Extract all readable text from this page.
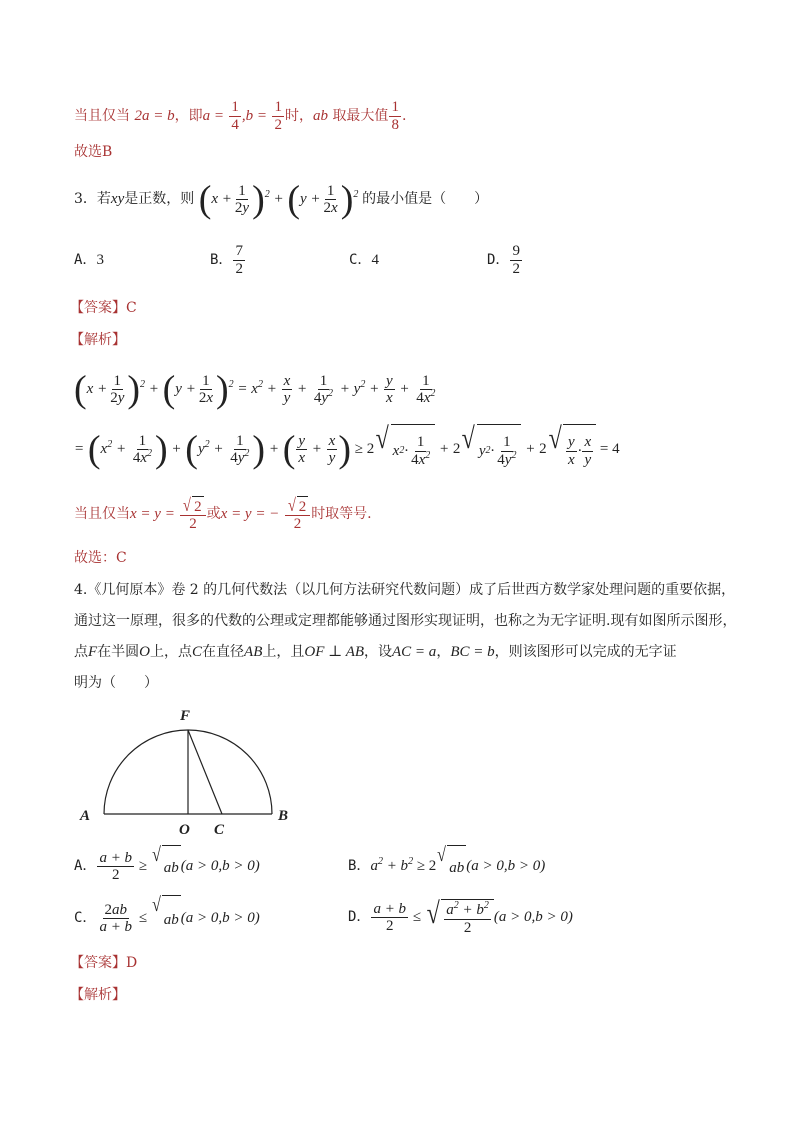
当且仅当 2a = b，即$a = \frac{1}{4} ,b = \frac{1}{2}$ 时，ab 取最大值 $\frac{1}{8}$ .
故选B
3．若xy是正数，则 $(x + \frac{1}{2y} )^2 + (y + \frac{1}{2x} )^2$ 的最小值是（　　）
A．3	B． $\frac{7}{2}$	C．4	D． $\frac{9}{2}$
【答案】C
【解析】
$(x + \frac{1}{2y} )^2 + (y + \frac{1}{2x} )^2 = x^2 + \frac{x}{y} + \frac{1}{4y^2} + y^2 + \frac{y}{x} + \frac{1}{4x^2}$
= ($x^2 + \frac{1}{4x^2}$ ) + ($y^2 + \frac{1}{4y^2}$ ) + ( $\frac{y}{x} + \frac{x}{y}$ ) ≥ 2 √ x $2 \cdot \frac{1}{4x^2} + 2$ √ y $2 \cdot \frac{1}{4y^2} + 2$ √ $\frac{y}{x} \cdot \frac{x}{y} = 4$
当且仅当$x = y = \frac{√ 2}{2}$ 或x = y = − $\frac{√ 2}{2}$ 时取等号.
故选：C
4.《几何原本》卷 2 的几何代数法（以几何方法研究代数问题）成了后世西方数学家处理问题的重要依据，
通过这一原理，很多的代数的公理或定理都能够通过图形实现证明，也称之为无字证明.现有如图所示图形，
点F在半圆O上，点C在直径AB上，且OF ⊥ AB，设AC = a，BC = b，则该图形可以完成的无字证
明为（　　）
F
A
O C
B
A． $\frac{a + b}{2}$ ≥ √
ab (a > 0,b > 0)	B．$a^2 + b^2 \ge 2$ √
ab (a > 0,b > 0)
C． $\frac{2ab}{a + b}$ ≤
√
ab (a > 0,b > 0)	D． $\frac{a + b}{2}$ ≤ √ $\frac{a^2 + b^2}{2} (a > 0,b > 0)$
【答案】D
【解析】
